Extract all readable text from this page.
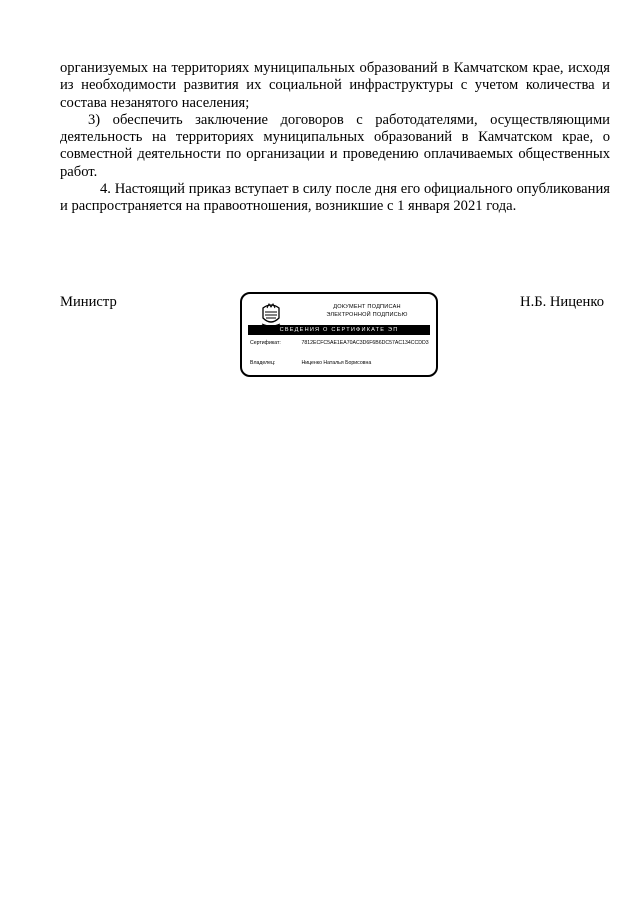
организуемых на территориях муниципальных образований в Камчатском крае, исходя из необходимости развития их социальной инфраструктуры с учетом количества и состава незанятого населения;

3) обеспечить заключение договоров с работодателями, осуществляющими деятельность на территориях муниципальных образований в Камчатском крае, о совместной деятельности по организации и проведению оплачиваемых общественных работ.

4. Настоящий приказ вступает в силу после дня его официального опубликования и распространяется на правоотношения, возникшие с 1 января 2021 года.

Министр	ДОКУМЕНТ ПОДПИСАН
ЭЛЕКТРОННОЙ ПОДПИСЬЮ
СВЕДЕНИЯ О СЕРТИФИКАТЕ ЭП
Сертификат:	7812ECFC5AE1EA70AC3D6F6B6DC57AC134CCDD3
Владелец:	Ниценко Наталья Борисовна
Н.Б. Ниценко
